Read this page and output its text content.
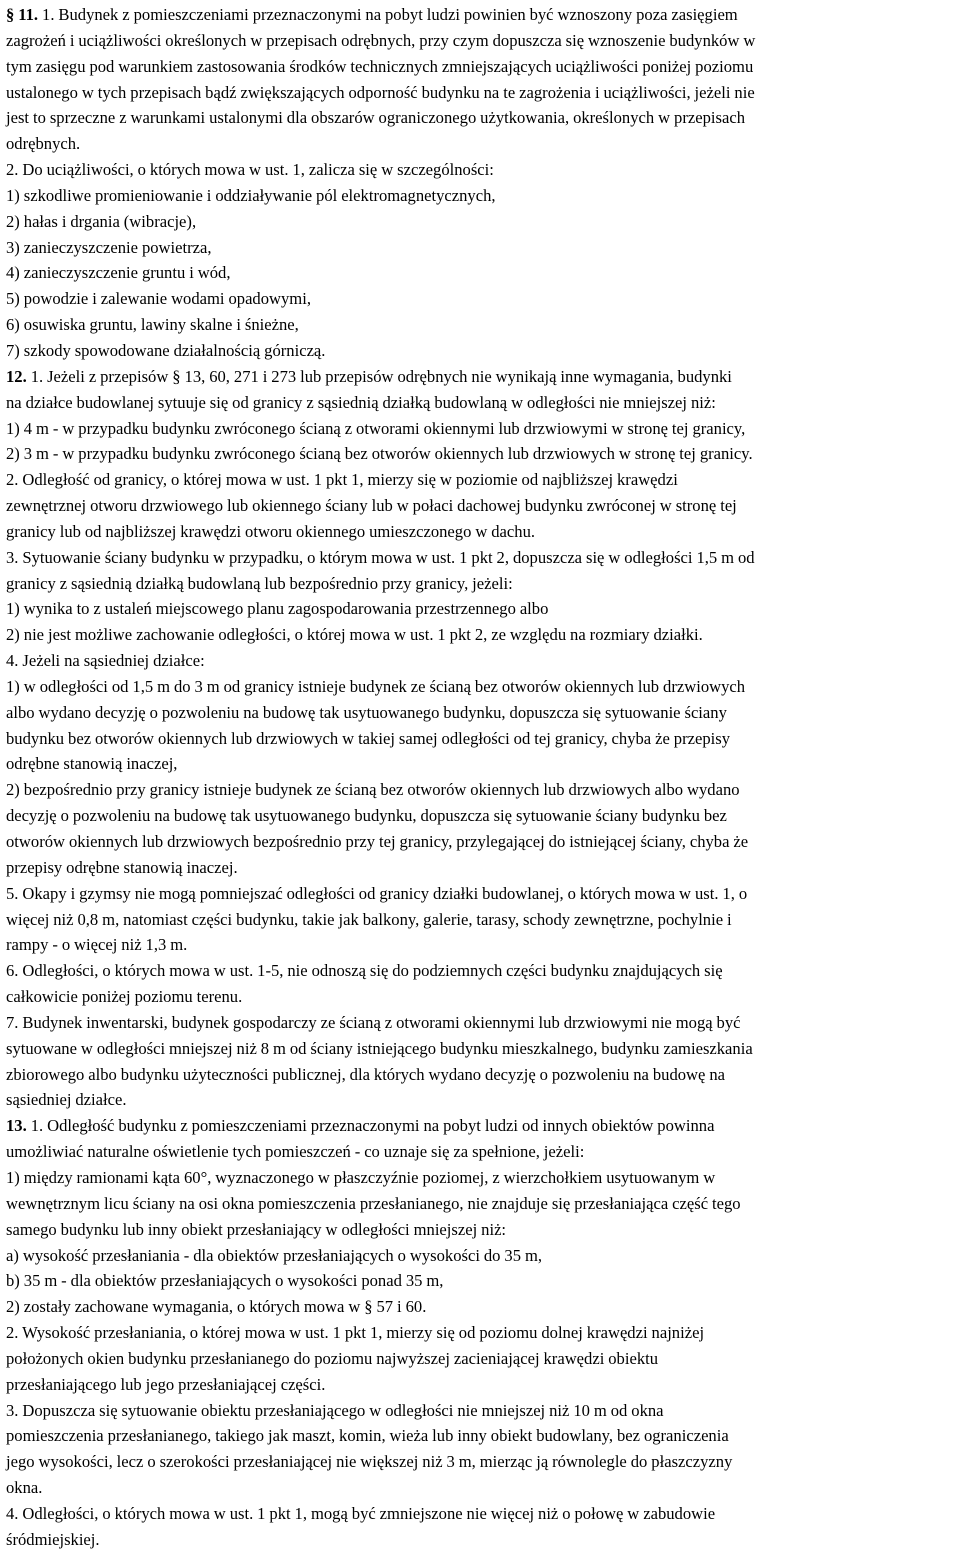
§ 11. 1. Budynek z pomieszczeniami przeznaczonymi na pobyt ludzi powinien być wznoszony poza zasięgiem
zagrożeń i uciążliwości określonych w przepisach odrębnych, przy czym dopuszcza się wznoszenie budynków w
tym zasięgu pod warunkiem zastosowania środków technicznych zmniejszających uciążliwości poniżej poziomu
ustalonego w tych przepisach bądź zwiększających odporność budynku na te zagrożenia i uciążliwości, jeżeli nie
jest to sprzeczne z warunkami ustalonymi dla obszarów ograniczonego użytkowania, określonych w przepisach
odrębnych.
2. Do uciążliwości, o których mowa w ust. 1, zalicza się w szczególności:
1) szkodliwe promieniowanie i oddziaływanie pól elektromagnetycznych,
2) hałas i drgania (wibracje),
3) zanieczyszczenie powietrza,
4) zanieczyszczenie gruntu i wód,
5) powodzie i zalewanie wodami opadowymi,
6) osuwiska gruntu, lawiny skalne i śnieżne,
7) szkody spowodowane działalnością górniczą.
12. 1. Jeżeli z przepisów § 13, 60, 271 i 273 lub przepisów odrębnych nie wynikają inne wymagania, budynki
na działce budowlanej sytuuje się od granicy z sąsiednią działką budowlaną w odległości nie mniejszej niż:
1) 4 m - w przypadku budynku zwróconego ścianą z otworami okiennymi lub drzwiowymi w stronę tej granicy,
2) 3 m - w przypadku budynku zwróconego ścianą bez otworów okiennych lub drzwiowych w stronę tej granicy.
2. Odległość od granicy, o której mowa w ust. 1 pkt 1, mierzy się w poziomie od najbliższej krawędzi
zewnętrznej otworu drzwiowego lub okiennego ściany lub w połaci dachowej budynku zwróconej w stronę tej
granicy lub od najbliższej krawędzi otworu okiennego umieszczonego w dachu.
3. Sytuowanie ściany budynku w przypadku, o którym mowa w ust. 1 pkt 2, dopuszcza się w odległości 1,5 m od
granicy z sąsiednią działką budowlaną lub bezpośrednio przy granicy, jeżeli:
1) wynika to z ustaleń miejscowego planu zagospodarowania przestrzennego albo
2) nie jest możliwe zachowanie odległości, o której mowa w ust. 1 pkt 2, ze względu na rozmiary działki.
4. Jeżeli na sąsiedniej działce:
1) w odległości od 1,5 m do 3 m od granicy istnieje budynek ze ścianą bez otworów okiennych lub drzwiowych
albo wydano decyzję o pozwoleniu na budowę tak usytuowanego budynku, dopuszcza się sytuowanie ściany
budynku bez otworów okiennych lub drzwiowych w takiej samej odległości od tej granicy, chyba że przepisy
odrębne stanowią inaczej,
2) bezpośrednio przy granicy istnieje budynek ze ścianą bez otworów okiennych lub drzwiowych albo wydano
decyzję o pozwoleniu na budowę tak usytuowanego budynku, dopuszcza się sytuowanie ściany budynku bez
otworów okiennych lub drzwiowych bezpośrednio przy tej granicy, przylegającej do istniejącej ściany, chyba że
przepisy odrębne stanowią inaczej.
5. Okapy i gzymsy nie mogą pomniejszać odległości od granicy działki budowlanej, o których mowa w ust. 1, o
więcej niż 0,8 m, natomiast części budynku, takie jak balkony, galerie, tarasy, schody zewnętrzne, pochylnie i
rampy - o więcej niż 1,3 m.
6. Odległości, o których mowa w ust. 1-5, nie odnoszą się do podziemnych części budynku znajdujących się
całkowicie poniżej poziomu terenu.
7. Budynek inwentarski, budynek gospodarczy ze ścianą z otworami okiennymi lub drzwiowymi nie mogą być
sytuowane w odległości mniejszej niż 8 m od ściany istniejącego budynku mieszkalnego, budynku zamieszkania
zbiorowego albo budynku użyteczności publicznej, dla których wydano decyzję o pozwoleniu na budowę na
sąsiedniej działce.
13. 1. Odległość budynku z pomieszczeniami przeznaczonymi na pobyt ludzi od innych obiektów powinna
umożliwiać naturalne oświetlenie tych pomieszczeń - co uznaje się za spełnione, jeżeli:
1) między ramionami kąta 60°, wyznaczonego w płaszczyźnie poziomej, z wierzchołkiem usytuowanym w
wewnętrznym licu ściany na osi okna pomieszczenia przesłanianego, nie znajduje się przesłaniająca część tego
samego budynku lub inny obiekt przesłaniający w odległości mniejszej niż:
a) wysokość przesłaniania - dla obiektów przesłaniających o wysokości do 35 m,
b) 35 m - dla obiektów przesłaniających o wysokości ponad 35 m,
2) zostały zachowane wymagania, o których mowa w § 57 i 60.
2. Wysokość przesłaniania, o której mowa w ust. 1 pkt 1, mierzy się od poziomu dolnej krawędzi najniżej
położonych okien budynku przesłanianego do poziomu najwyższej zacieniającej krawędzi obiektu
przesłaniającego lub jego przesłaniającej części.
3. Dopuszcza się sytuowanie obiektu przesłaniającego w odległości nie mniejszej niż 10 m od okna
pomieszczenia przesłanianego, takiego jak maszt, komin, wieża lub inny obiekt budowlany, bez ograniczenia
jego wysokości, lecz o szerokości przesłaniającej nie większej niż 3 m, mierząc ją równolegle do płaszczyzny
okna.
4. Odległości, o których mowa w ust. 1 pkt 1, mogą być zmniejszone nie więcej niż o połowę w zabudowie
śródmiejskiej.
